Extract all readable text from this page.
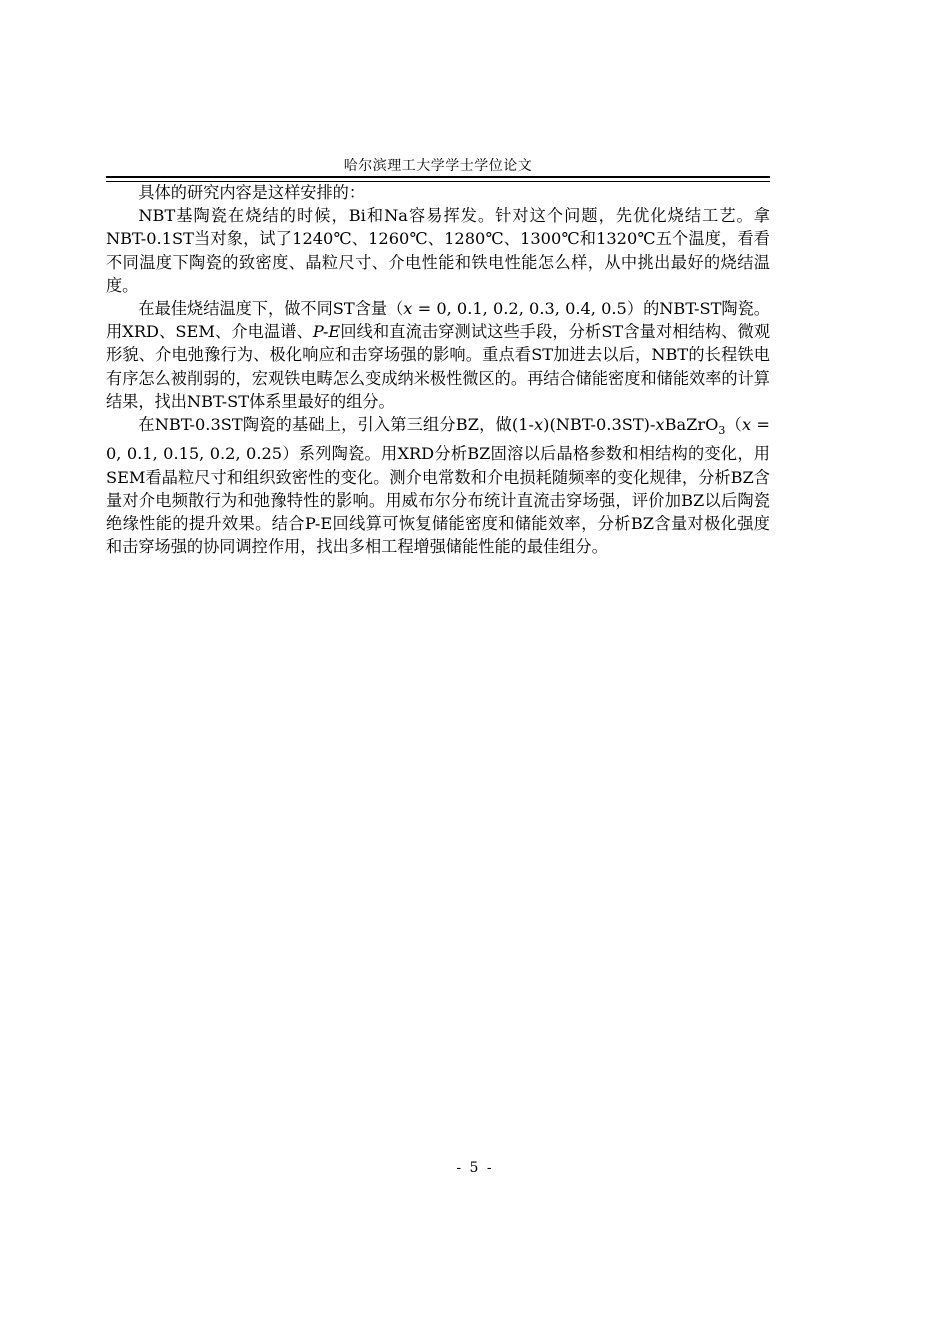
哈尔滨理工大学学士学位论文

具体的研究内容是这样安排的：

NBT基陶瓷在烧结的时候，Bi和Na容易挥发。针对这个问题，先优化烧结工艺。拿NBT-0.1ST当对象，试了1240℃、1260℃、1280℃、1300℃和1320℃五个温度，看看不同温度下陶瓷的致密度、晶粒尺寸、介电性能和铁电性能怎么样，从中挑出最好的烧结温度。

在最佳烧结温度下，做不同ST含量（x = 0, 0.1, 0.2, 0.3, 0.4, 0.5）的NBT-ST陶瓷。用XRD、SEM、介电温谱、P-E回线和直流击穿测试这些手段，分析ST含量对相结构、微观形貌、介电弛豫行为、极化响应和击穿场强的影响。重点看ST加进去以后，NBT的长程铁电有序怎么被削弱的，宏观铁电畴怎么变成纳米极性微区的。再结合储能密度和储能效率的计算结果，找出NBT-ST体系里最好的组分。

在NBT-0.3ST陶瓷的基础上，引入第三组分BZ，做(1-x)(NBT-0.3ST)-xBaZrO$_3$（x = 0, 0.1, 0.15, 0.2, 0.25）系列陶瓷。用XRD分析BZ固溶以后晶格参数和相结构的变化，用SEM看晶粒尺寸和组织致密性的变化。测介电常数和介电损耗随频率的变化规律，分析BZ含量对介电频散行为和弛豫特性的影响。用威布尔分布统计直流击穿场强，评价加BZ以后陶瓷绝缘性能的提升效果。结合P-E回线算可恢复储能密度和储能效率，分析BZ含量对极化强度和击穿场强的协同调控作用，找出多相工程增强储能性能的最佳组分。

- 5 -
